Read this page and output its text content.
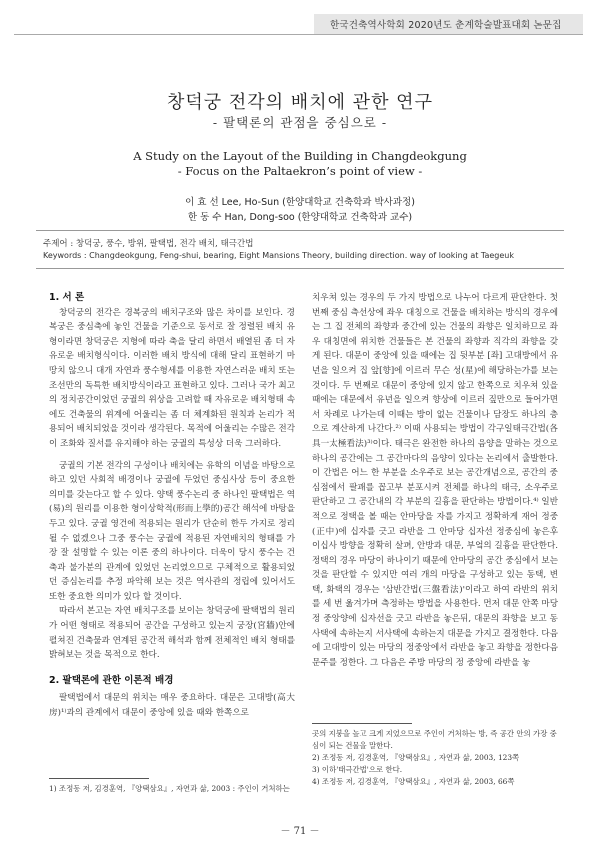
한국건축역사학회 2020년도 춘계학술발표대회 논문집
창덕궁 전각의 배치에 관한 연구
- 팔택론의 관점을 중심으로 -
A Study on the Layout of the Building in Changdeokgung
- Focus on the Paltaekron’s point of view -
이 효 선 Lee, Ho-Sun (한양대학교 건축학과 박사과정)
한 동 수 Han, Dong-soo (한양대학교 건축학과 교수)
주제어 : 창덕궁, 풍수, 방위, 팔택법, 전각 배치, 태극간법
Keywords : Changdeokgung, Feng-shui, bearing, Eight Mansions Theory, building direction. way of looking at Taegeuk

1. 서 론

창덕궁의 전각은 경복궁의 배치구조와 많은 차이를 보인다. 경복궁은 중심축에 놓인 건물을 기준으로 동서로 잘 정렬된 배치 유형이라면 창덕궁은 지형에 따라 축을 달리 하면서 배열된 좀 더 자유로운 배치형식이다. 이러한 배치 방식에 대해 달리 표현하기 마땅치 않으니 대개 자연과 풍수형세를 이용한 자연스러운 배치 또는 조선만의 독특한 배치방식이라고 표현하고 있다. 그러나 국가 최고의 정치공간이었던 궁궐의 위상을 고려할 때 자유로운 배치형태 속에도 건축물의 위계에 어울리는 좀 더 체계화된 원칙과 논리가 적용되어 배치되었을 것이라 생각된다. 목적에 어울리는 수많은 전각이 조화와 질서를 유지해야 하는 궁궐의 특성상 더욱 그러하다.

궁궐의 기본 전각의 구성이나 배치에는 유학의 이념을 바탕으로 하고 있던 사회적 배경이나 궁궐에 두었던 중심사상 등이 중요한 의미를 갖는다고 할 수 있다. 양택 풍수논리 중 하나인 팔택법은 역(易)의 원리를 이용한 형이상학적(形而上學的)공간 해석에 바탕을 두고 있다. 궁궐 영건에 적용되는 원리가 단순히 한두 가지로 정리될 수 없겠으나 그중 풍수는 궁궐에 적용된 자연배치의 형태를 가장 잘 설명할 수 있는 이론 중의 하나이다. 더욱이 당시 풍수는 건축과 불가분의 관계에 있었던 논리였으므로 구체적으로 활용되었던 증심논리를 추정 파악해 보는 것은 역사관의 정립에 있어서도 또한 중요한 의미가 있다 할 것이다.

따라서 본고는 자연 배치구조를 보이는 창덕궁에 팔택법의 원리가 어떤 형태로 적용되어 공간을 구성하고 있는지 궁장(宮牆)안에 펼쳐진 건축물과 연계된 공간적 해석과 함께 전체적인 배치 형태를 밝혀보는 것을 목적으로 한다.

2. 팔택론에 관한 이론적 배경

팔택법에서 대문의 위치는 매우 중요하다. 대문은 고대방(高大房)¹⁾과의 관계에서 대문이 중앙에 있을 때와 한쪽으로

치우쳐 있는 경우의 두 가지 방법으로 나누어 다르게 판단한다. 첫 번째 중심 측선상에 좌우 대칭으로 건물을 배치하는 방식의 경우에는 그 집 전체의 좌향과 중간에 있는 건물의 좌향은 일치하므로 좌우 대칭면에 위치한 건물들은 본 건물의 좌향과 직각의 좌향을 갖게 된다. 대문이 중앙에 있을 때에는 집 뒷부분 [좌] 고대방에서 유년을 일으켜 집 앞[향]에 이르러 무슨 성(星)에 해당하는가를 보는 것이다. 두 번째로 대문이 중앙에 있지 않고 한쪽으로 치우쳐 있을 때에는 대문에서 유년을 일으켜 향상에 이르러 짚만으로 들어가면서 차례로 나가는데 이때는 방이 없는 건물이나 담장도 하나의 층으로 계산하게 나간다.²⁾ 이때 사용되는 방법이 각구일태극간법(各具一太極看法)³⁾이다. 태극은 완전한 하나의 음양을 말하는 것으로 하나의 공간에는 그 공간마다의 음양이 있다는 논리에서 출발한다. 이 간법은 어느 한 부분을 소우주로 보는 공간개념으로, 공간의 중심점에서 팔괘를 꼽고부 분포시켜 전체를 하나의 태극, 소우주로 판단하고 그 공간내의 각 부분의 길흉을 판단하는 방법이다.⁴⁾ 일반적으로 정택을 볼 때는 안마당을 자를 가지고 정확하게 재어 정중(正中)에 십자를 긋고 라반을 그 안마당 십자선 정중심에 놓은후 이십사 방향을 정확히 살펴, 안방과 대문, 부엌의 길흉을 판단한다. 정택의 경우 마당이 하나이기 때문에 안마당의 공간 중심에서 보는 것을 판단할 수 있지만 여러 개의 마당을 구성하고 있는 동택, 변택, 화택의 경우는 '삼반간법(三盤看法)'이라고 하여 라반의 위치를 세 번 옮겨가며 측정하는 방법을 사용한다. 먼저 대문 안쪽 마당 정 중앙양에 십자선을 긋고 라반을 놓은뒤, 대문의 좌향을 보고 동사택에 속하는지 서사택에 속하는지 대문을 가지고 결정한다. 다음에 고대방이 있는 마당의 정중앙에서 라반을 놓고 좌향을 정한다음 문주를 정한다. 그 다음은 주방 마당의 정 중앙에 라반을 놓

1) 조정동 저, 김경훈역, 『양택삼요』, 자연과 삶, 2003 : 주인이 거처하는

곳의 지붕을 높고 크게 지었으므로 주인이 거처하는 방, 즉 공간 안의 가장 중심이 되는 건물을 말한다.

2) 조정동 저, 김경훈역, 『양택삼요』, 자연과 삶, 2003, 123쪽

3) 이하'태극간법'으로 한다.

4) 조정동 저, 김경훈역, 『양택삼요』, 자연과 삶, 2003, 66쪽

－ 71 －
